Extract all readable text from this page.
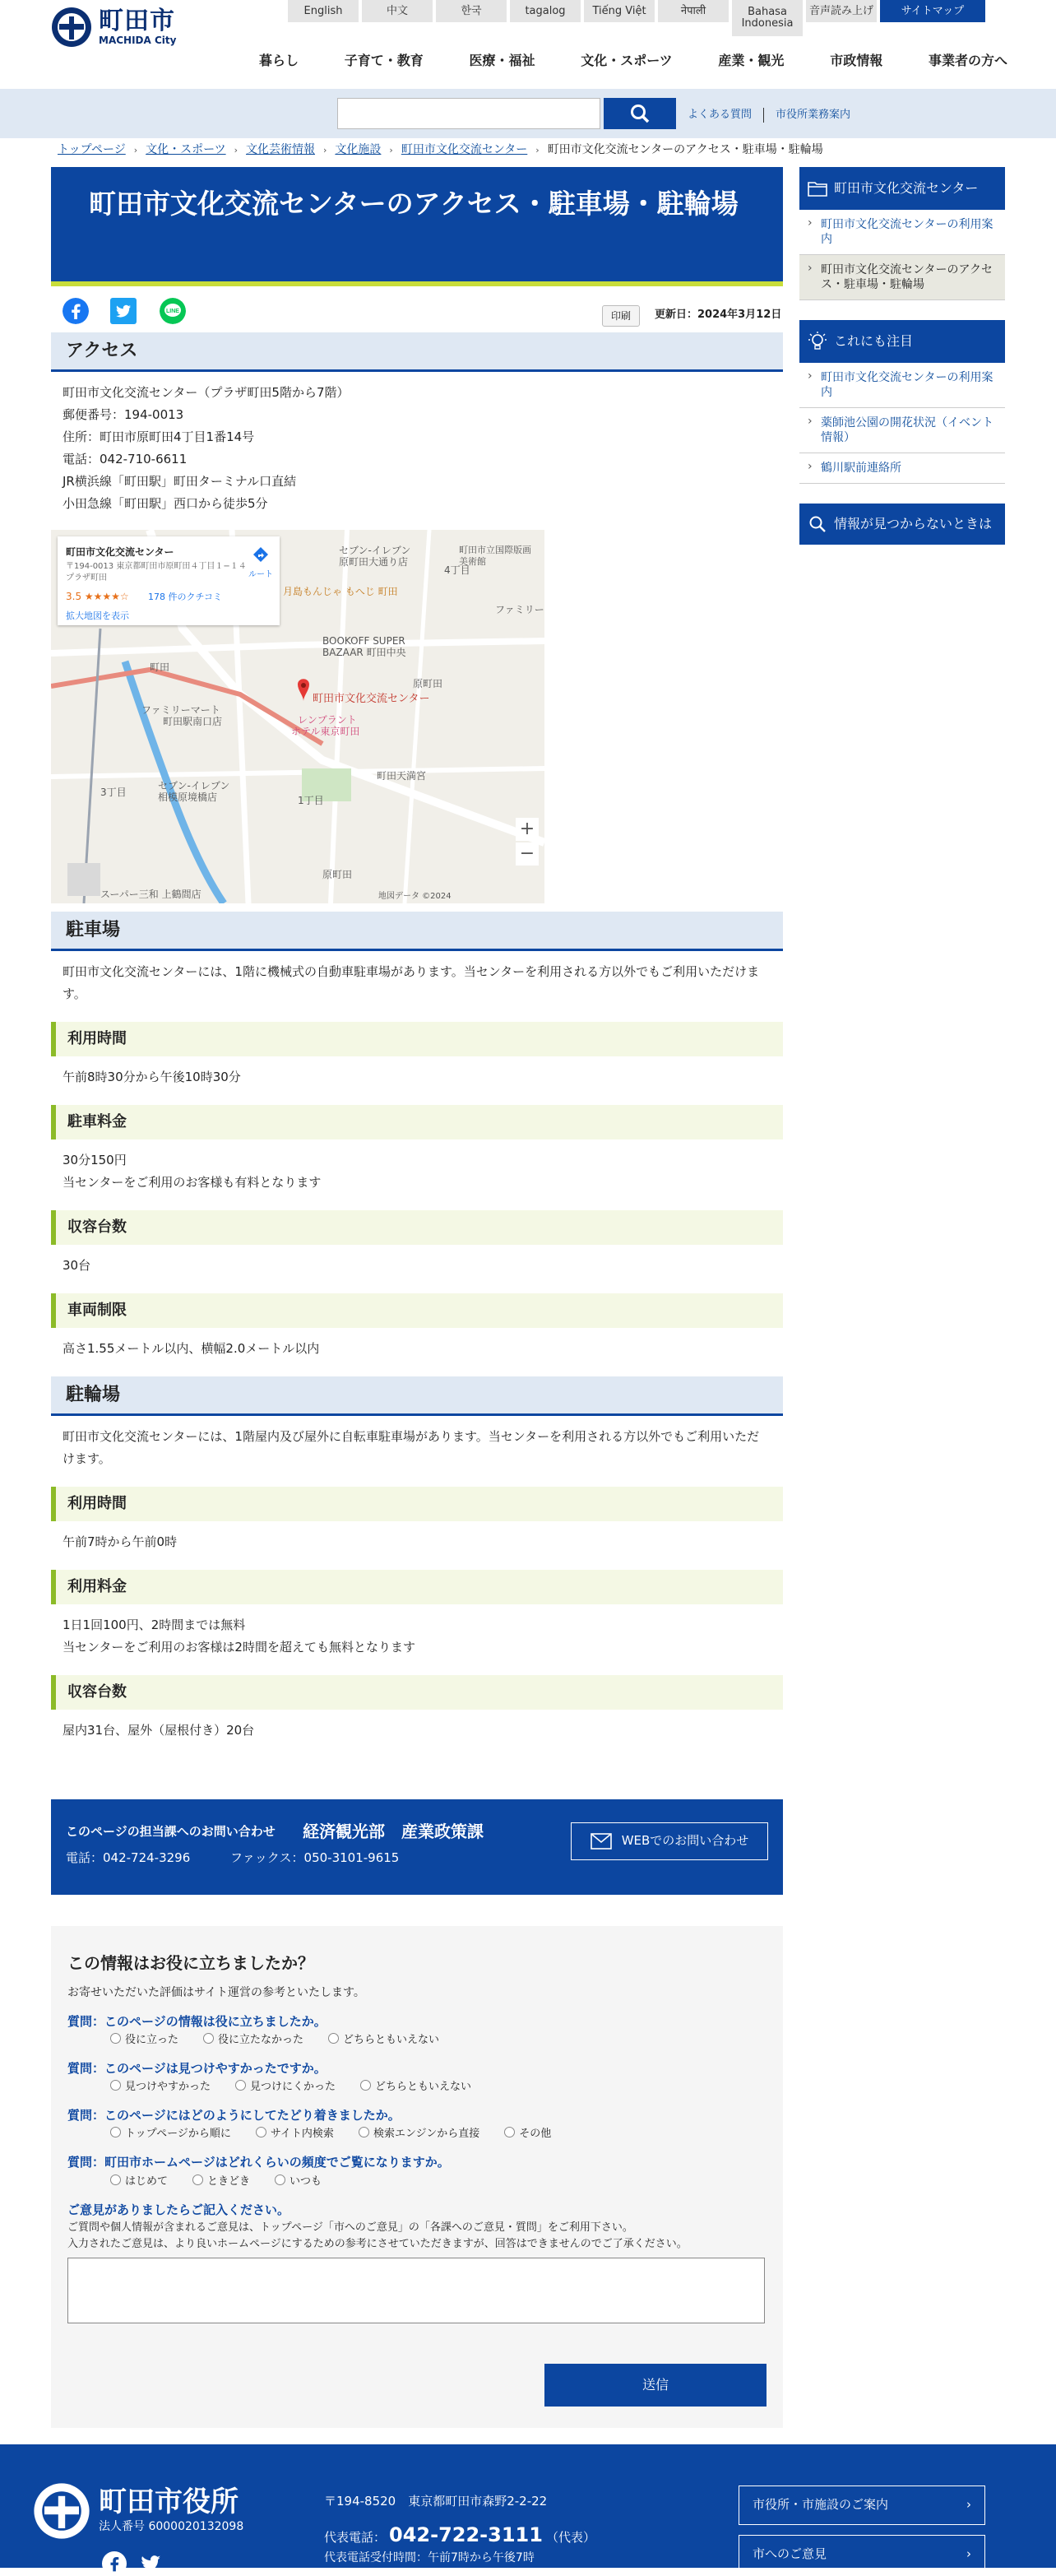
町田市
MACHIDA City
English	中文	한국	tagalog	Tiếng Việt	नेपाली	Bahasa Indonesia
音声読み上げ	サイトマップ
暮らし	子育て・教育	医療・福祉	文化・スポーツ	産業・観光	市政情報	事業者の方へ
よくある質問 市役所業務案内
トップページ › 文化・スポーツ › 文化芸術情報 › 文化施設 › 町田市文化交流センター › 町田市文化交流センターのアクセス・駐車場・駐輪場
町田市文化交流センターのアクセス・駐車場・駐輪場
LINE	印刷	更新日：2024年3月12日
アクセス
町田市文化交流センター（プラザ町田5階から7階）
郵便番号：194-0013
住所：町田市原町田4丁目1番14号
電話：042-710-6611
JR横浜線「町田駅」町田ターミナル口直結
小田急線「町田駅」西口から徒歩5分
+
−
町田市文化交流センター
セブン-イレブン
原町田大通り店
月島もんじゃ もへじ 町田
BOOKOFF SUPER
BAZAAR 町田中央
原町田
町田
ファミリーマート
町田駅南口店	レンブラント
ホテル東京町田
セブン-イレブン
相模原境橋店	1丁目
3丁目
4丁目
町田天満宮
スーパー三和 上鶴間店
原町田
町田市立国際版画美術館
ファミリー
地図データ ©2024
町田市文化交流センター
〒194-0013 東京都町田市原町田４丁目１−１４ プラザ町田
3.5 ★★★★☆ 178 件のクチコミ
拡大地図を表示
ルート
駐車場
町田市文化交流センターには、1階に機械式の自動車駐車場があります。当センターを利用される方以外でもご利用いただけます。
利用時間
午前8時30分から午後10時30分
駐車料金
30分150円
当センターをご利用のお客様も有料となります
収容台数
30台
車両制限
高さ1.55メートル以内、横幅2.0メートル以内
駐輪場
町田市文化交流センターには、1階屋内及び屋外に自転車駐車場があります。当センターを利用される方以外でもご利用いただけます。
利用時間
午前7時から午前0時
利用料金
1日1回100円、2時間までは無料
当センターをご利用のお客様は2時間を超えても無料となります
収容台数
屋内31台、屋外（屋根付き）20台
このページの担当課へのお問い合わせ 経済観光部　産業政策課
電話：042-724-3296	ファックス：050-3101-9615
WEBでのお問い合わせ
この情報はお役に立ちましたか？
お寄せいただいた評価はサイト運営の参考といたします。
質問：このページの情報は役に立ちましたか。
役に立った	役に立たなかった	どちらともいえない
質問：このページは見つけやすかったですか。
見つけやすかった	見つけにくかった	どちらともいえない
質問：このページにはどのようにしてたどり着きましたか。
トップページから順に	サイト内検索	検索エンジンから直接	その他
質問：町田市ホームページはどれくらいの頻度でご覧になりますか。
はじめて	ときどき	いつも
ご意見がありましたらご記入ください。
ご質問や個人情報が含まれるご意見は、トップページ「市へのご意見」の「各課へのご意見・質問」をご利用下さい。
入力されたご意見は、より良いホームページにするための参考にさせていただきますが、回答はできませんのでご了承ください。
送信
町田市文化交流センター
› 町田市文化交流センターの利用案内
› 町田市文化交流センターのアクセス・駐車場・駐輪場
これにも注目
› 町田市文化交流センターの利用案内
› 薬師池公園の開花状況（イベント情報）
› 鶴川駅前連絡所
情報が見つからないときは
町田市役所
法人番号 6000020132098
〒194-8520　東京都町田市森野2-2-22
代表電話： 042-722-3111 （代表）
代表電話受付時間：午前7時から午後7時
市役所・市施設のご案内	›
市へのご意見	›
